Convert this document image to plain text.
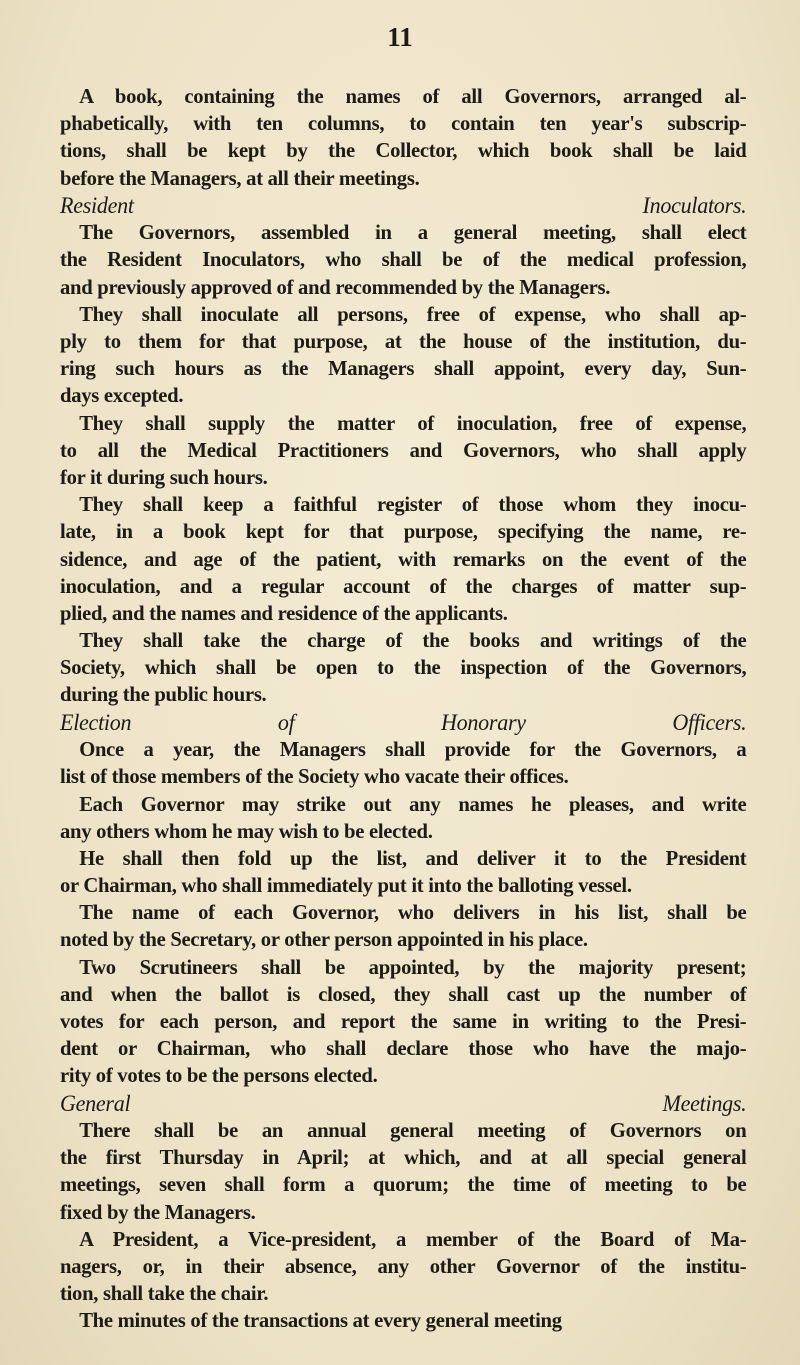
11
A book, containing the names of all Governors, arranged al-
phabetically, with ten columns, to contain ten year's subscrip-
tions, shall be kept by the Collector, which book shall be laid
before the Managers, at all their meetings.
Resident Inoculators.
The Governors, assembled in a general meeting, shall elect
the Resident Inoculators, who shall be of the medical profession,
and previously approved of and recommended by the Managers.
They shall inoculate all persons, free of expense, who shall ap-
ply to them for that purpose, at the house of the institution, du-
ring such hours as the Managers shall appoint, every day, Sun-
days excepted.
They shall supply the matter of inoculation, free of expense,
to all the Medical Practitioners and Governors, who shall apply
for it during such hours.
They shall keep a faithful register of those whom they inocu-
late, in a book kept for that purpose, specifying the name, re-
sidence, and age of the patient, with remarks on the event of the
inoculation, and a regular account of the charges of matter sup-
plied, and the names and residence of the applicants.
They shall take the charge of the books and writings of the
Society, which shall be open to the inspection of the Governors,
during the public hours.
Election of Honorary Officers.
Once a year, the Managers shall provide for the Governors, a
list of those members of the Society who vacate their offices.
Each Governor may strike out any names he pleases, and write
any others whom he may wish to be elected.
He shall then fold up the list, and deliver it to the President
or Chairman, who shall immediately put it into the balloting vessel.
The name of each Governor, who delivers in his list, shall be
noted by the Secretary, or other person appointed in his place.
Two Scrutineers shall be appointed, by the majority present;
and when the ballot is closed, they shall cast up the number of
votes for each person, and report the same in writing to the Presi-
dent or Chairman, who shall declare those who have the majo-
rity of votes to be the persons elected.
General Meetings.
There shall be an annual general meeting of Governors on
the first Thursday in April; at which, and at all special general
meetings, seven shall form a quorum; the time of meeting to be
fixed by the Managers.
A President, a Vice-president, a member of the Board of Ma-
nagers, or, in their absence, any other Governor of the institu-
tion, shall take the chair.
The minutes of the transactions at every general meeting
